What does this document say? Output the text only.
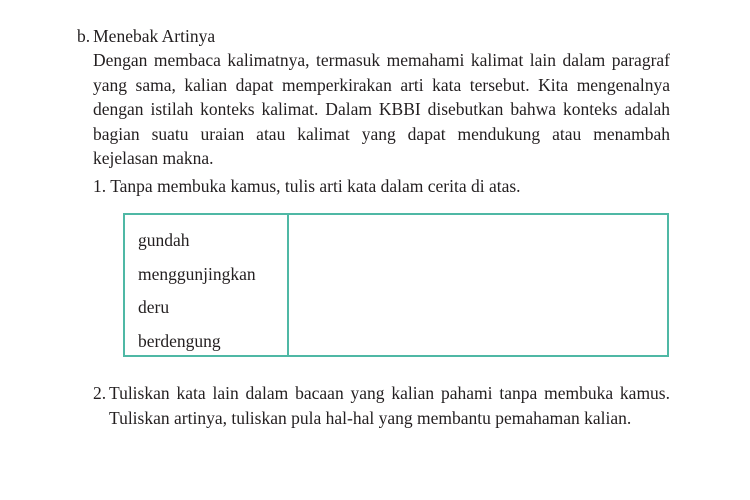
b. Menebak Artinya
Dengan membaca kalimatnya, termasuk memahami kalimat lain dalam paragraf yang sama, kalian dapat memperkirakan arti kata tersebut. Kita mengenalnya dengan istilah konteks kalimat. Dalam KBBI disebutkan bahwa konteks adalah bagian suatu uraian atau kalimat yang dapat mendukung atau menambah kejelasan makna.
1. Tanpa membuka kamus, tulis arti kata dalam cerita di atas.
gundah
menggunjingkan
deru
berdengung
2. Tuliskan kata lain dalam bacaan yang kalian pahami tanpa membuka kamus. Tuliskan artinya, tuliskan pula hal-hal yang membantu pemahaman kalian.
